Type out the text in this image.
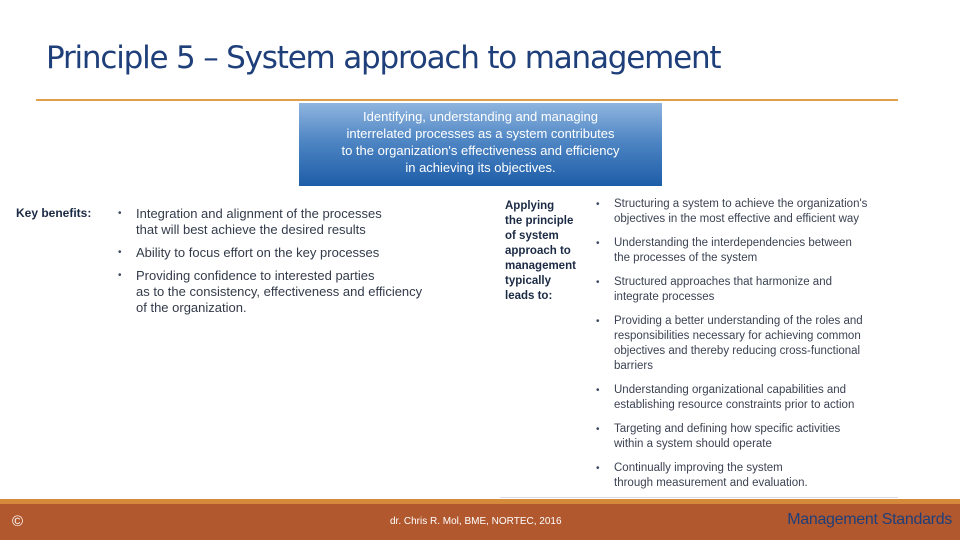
Principle 5 – System approach to management
Identifying, understanding and managing
interrelated processes as a system contributes
to the organization's effectiveness and efficiency
in achieving its objectives.
Key benefits:	• Integration and alignment of the processes
that will best achieve the desired results
• Ability to focus effort on the key processes
• Providing confidence to interested parties
as to the consistency, effectiveness and efficiency
of the organization.
Applying
the principle
of system
approach to
management
typically
leads to:
• Structuring a system to achieve the organization's
objectives in the most effective and efficient way
• Understanding the interdependencies between
the processes of the system
• Structured approaches that harmonize and
integrate processes
• Providing a better understanding of the roles and
responsibilities necessary for achieving common
objectives and thereby reducing cross-functional
barriers
• Understanding organizational capabilities and
establishing resource constraints prior to action
• Targeting and defining how specific activities
within a system should operate
• Continually improving the system
through measurement and evaluation.
©	dr. Chris R. Mol, BME, NORTEC, 2016	Management Standards
